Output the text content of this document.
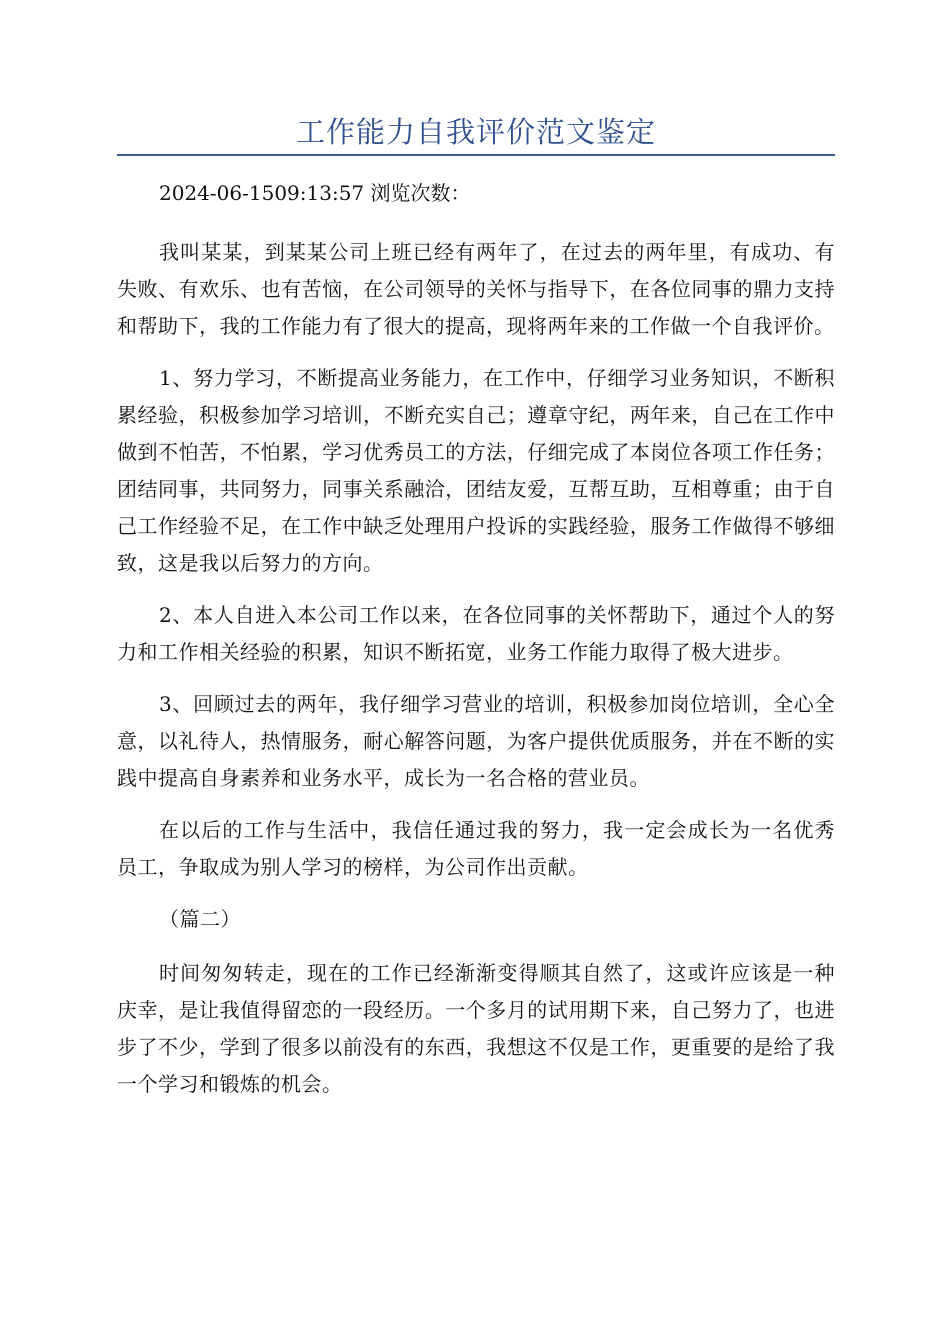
工作能力自我评价范文鉴定

2024-06-1509:13:57 浏览次数：

我叫某某，到某某公司上班已经有两年了，在过去的两年里，有成功、有失败、有欢乐、也有苦恼，在公司领导的关怀与指导下，在各位同事的鼎力支持和帮助下，我的工作能力有了很大的提高，现将两年来的工作做一个自我评价。

1、努力学习，不断提高业务能力，在工作中，仔细学习业务知识，不断积累经验，积极参加学习培训，不断充实自己；遵章守纪，两年来，自己在工作中做到不怕苦，不怕累，学习优秀员工的方法，仔细完成了本岗位各项工作任务；团结同事，共同努力，同事关系融洽，团结友爱，互帮互助，互相尊重；由于自己工作经验不足，在工作中缺乏处理用户投诉的实践经验，服务工作做得不够细致，这是我以后努力的方向。

2、本人自进入本公司工作以来，在各位同事的关怀帮助下，通过个人的努力和工作相关经验的积累，知识不断拓宽，业务工作能力取得了极大进步。

3、回顾过去的两年，我仔细学习营业的培训，积极参加岗位培训，全心全意，以礼待人，热情服务，耐心解答问题，为客户提供优质服务，并在不断的实践中提高自身素养和业务水平，成长为一名合格的营业员。

在以后的工作与生活中，我信任通过我的努力，我一定会成长为一名优秀员工，争取成为别人学习的榜样，为公司作出贡献。

（篇二）

时间匆匆转走，现在的工作已经渐渐变得顺其自然了，这或许应该是一种庆幸，是让我值得留恋的一段经历。一个多月的试用期下来，自己努力了，也进步了不少，学到了很多以前没有的东西，我想这不仅是工作，更重要的是给了我一个学习和锻炼的机会。
